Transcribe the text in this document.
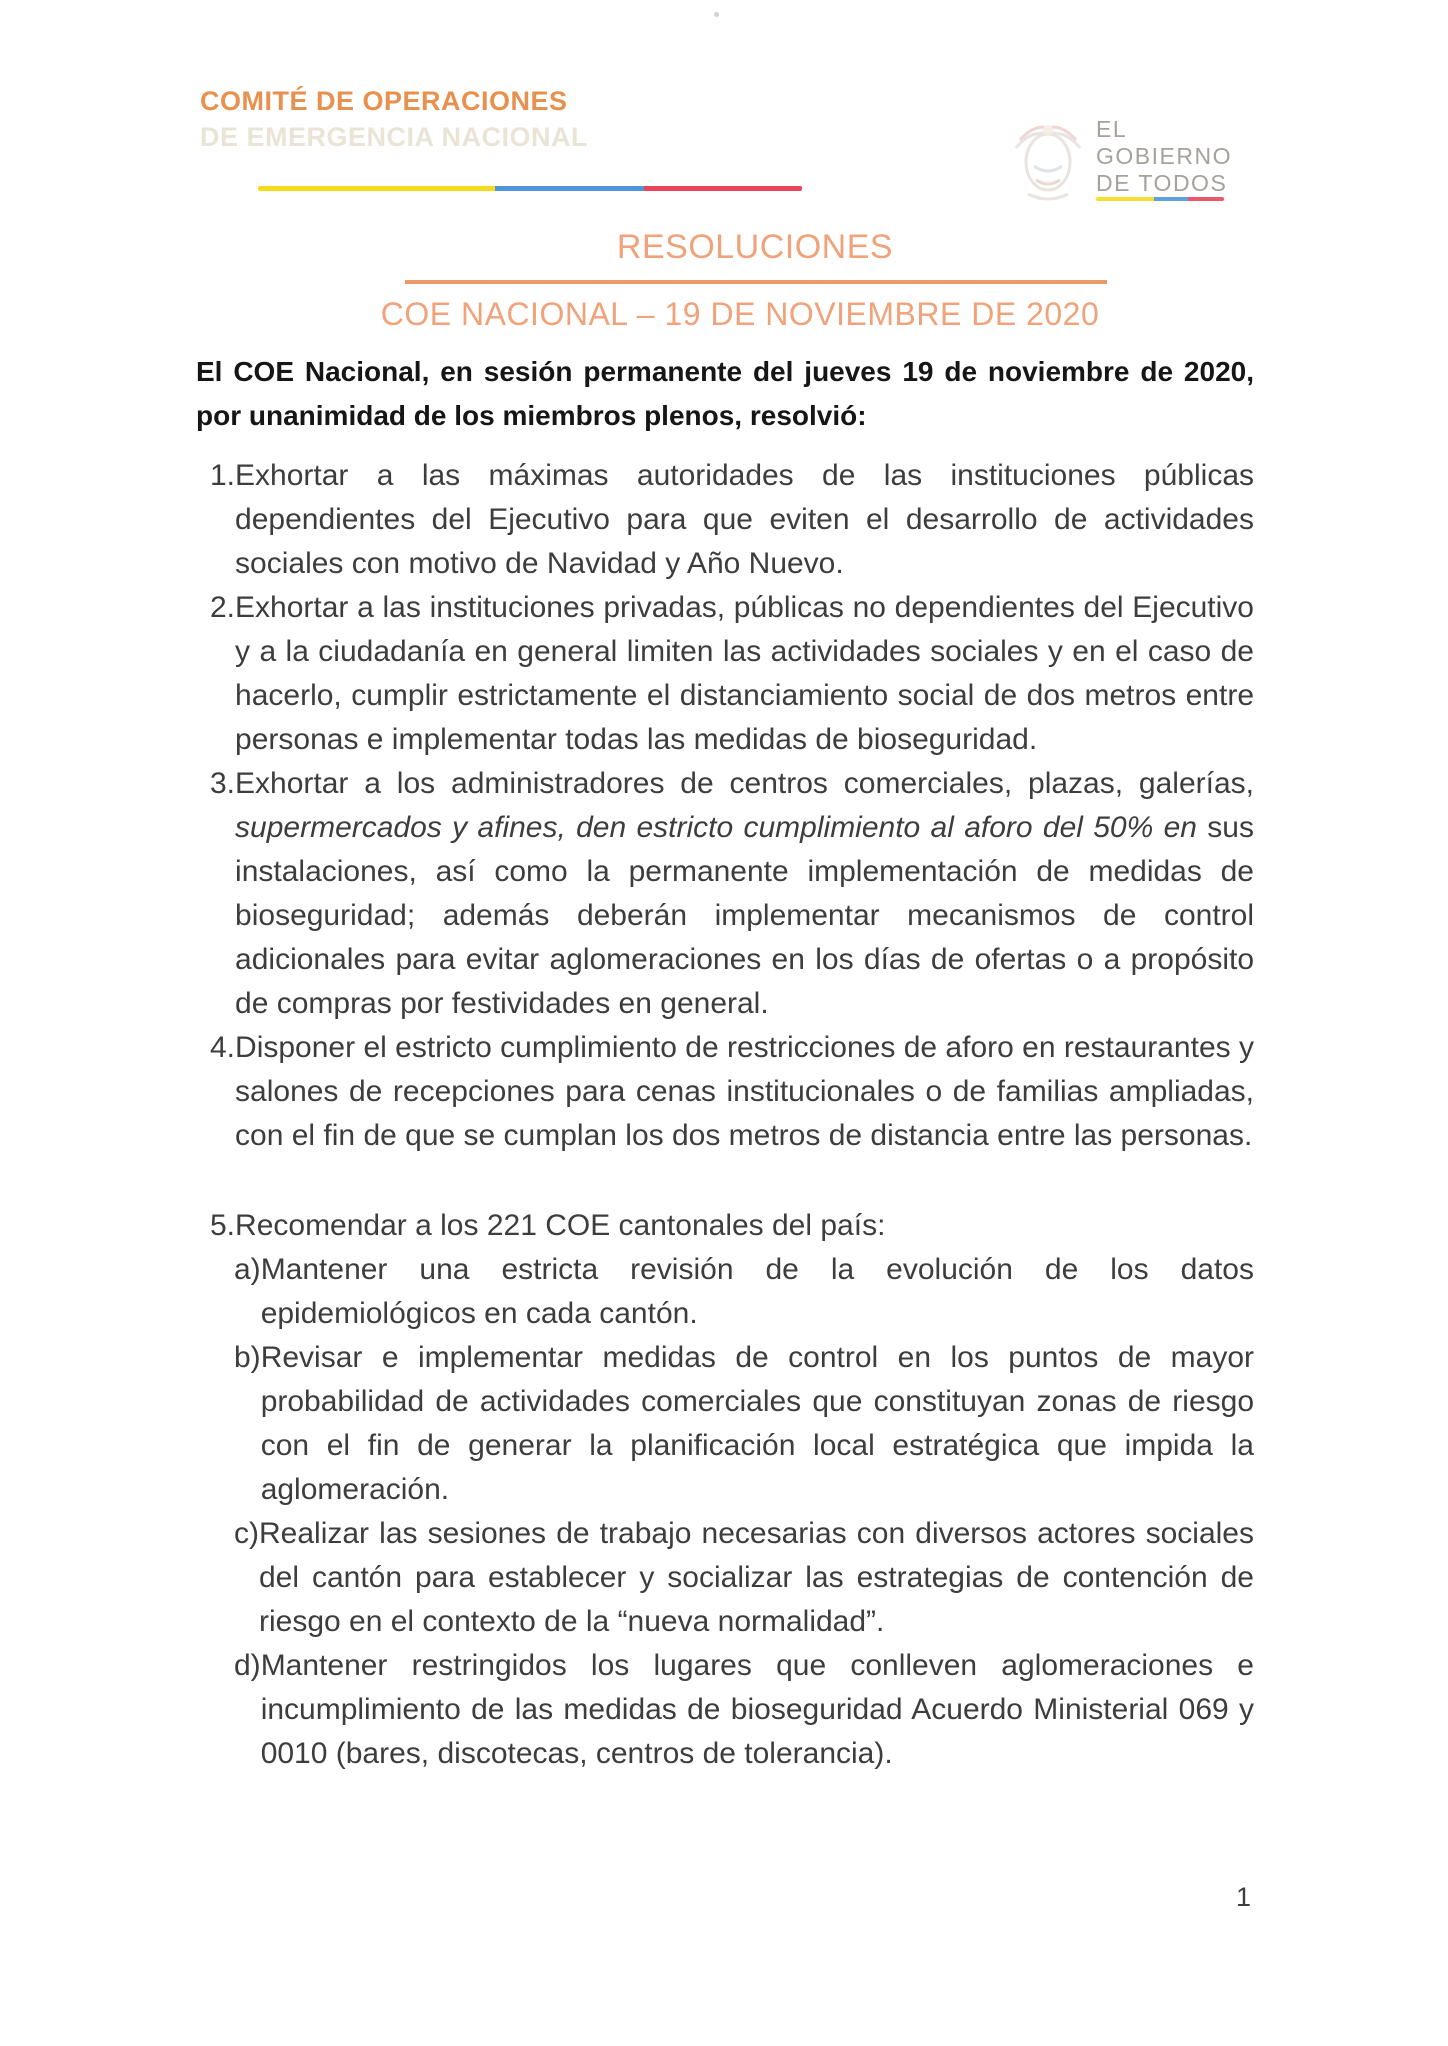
COMITÉ DE OPERACIONES
DE EMERGENCIA NACIONAL	EL
GOBIERNO
DE TODOS
RESOLUCIONES
COE NACIONAL – 19 DE NOVIEMBRE DE 2020

El COE Nacional, en sesión permanente del jueves 19 de noviembre de 2020, por unanimidad de los miembros plenos, resolvió:

1. Exhortar a las máximas autoridades de las instituciones públicas dependientes del Ejecutivo para que eviten el desarrollo de actividades sociales con motivo de Navidad y Año Nuevo.
2. Exhortar a las instituciones privadas, públicas no dependientes del Ejecutivo y a la ciudadanía en general limiten las actividades sociales y en el caso de hacerlo, cumplir estrictamente el distanciamiento social de dos metros entre personas e implementar todas las medidas de bioseguridad.
3. Exhortar a los administradores de centros comerciales, plazas, galerías, supermercados y afines, den estricto cumplimiento al aforo del 50% en sus instalaciones, así como la permanente implementación de medidas de bioseguridad; además deberán implementar mecanismos de control adicionales para evitar aglomeraciones en los días de ofertas o a propósito de compras por festividades en general.
4. Disponer el estricto cumplimiento de restricciones de aforo en restaurantes y salones de recepciones para cenas institucionales o de familias ampliadas, con el fin de que se cumplan los dos metros de distancia entre las personas.
5. Recomendar a los 221 COE cantonales del país:
a) Mantener una estricta revisión de la evolución de los datos epidemiológicos en cada cantón.
b) Revisar e implementar medidas de control en los puntos de mayor probabilidad de actividades comerciales que constituyan zonas de riesgo con el fin de generar la planificación local estratégica que impida la aglomeración.
c) Realizar las sesiones de trabajo necesarias con diversos actores sociales del cantón para establecer y socializar las estrategias de contención de riesgo en el contexto de la “nueva normalidad”.
d) Mantener restringidos los lugares que conlleven aglomeraciones e incumplimiento de las medidas de bioseguridad Acuerdo Ministerial 069 y 0010 (bares, discotecas, centros de tolerancia).
1
